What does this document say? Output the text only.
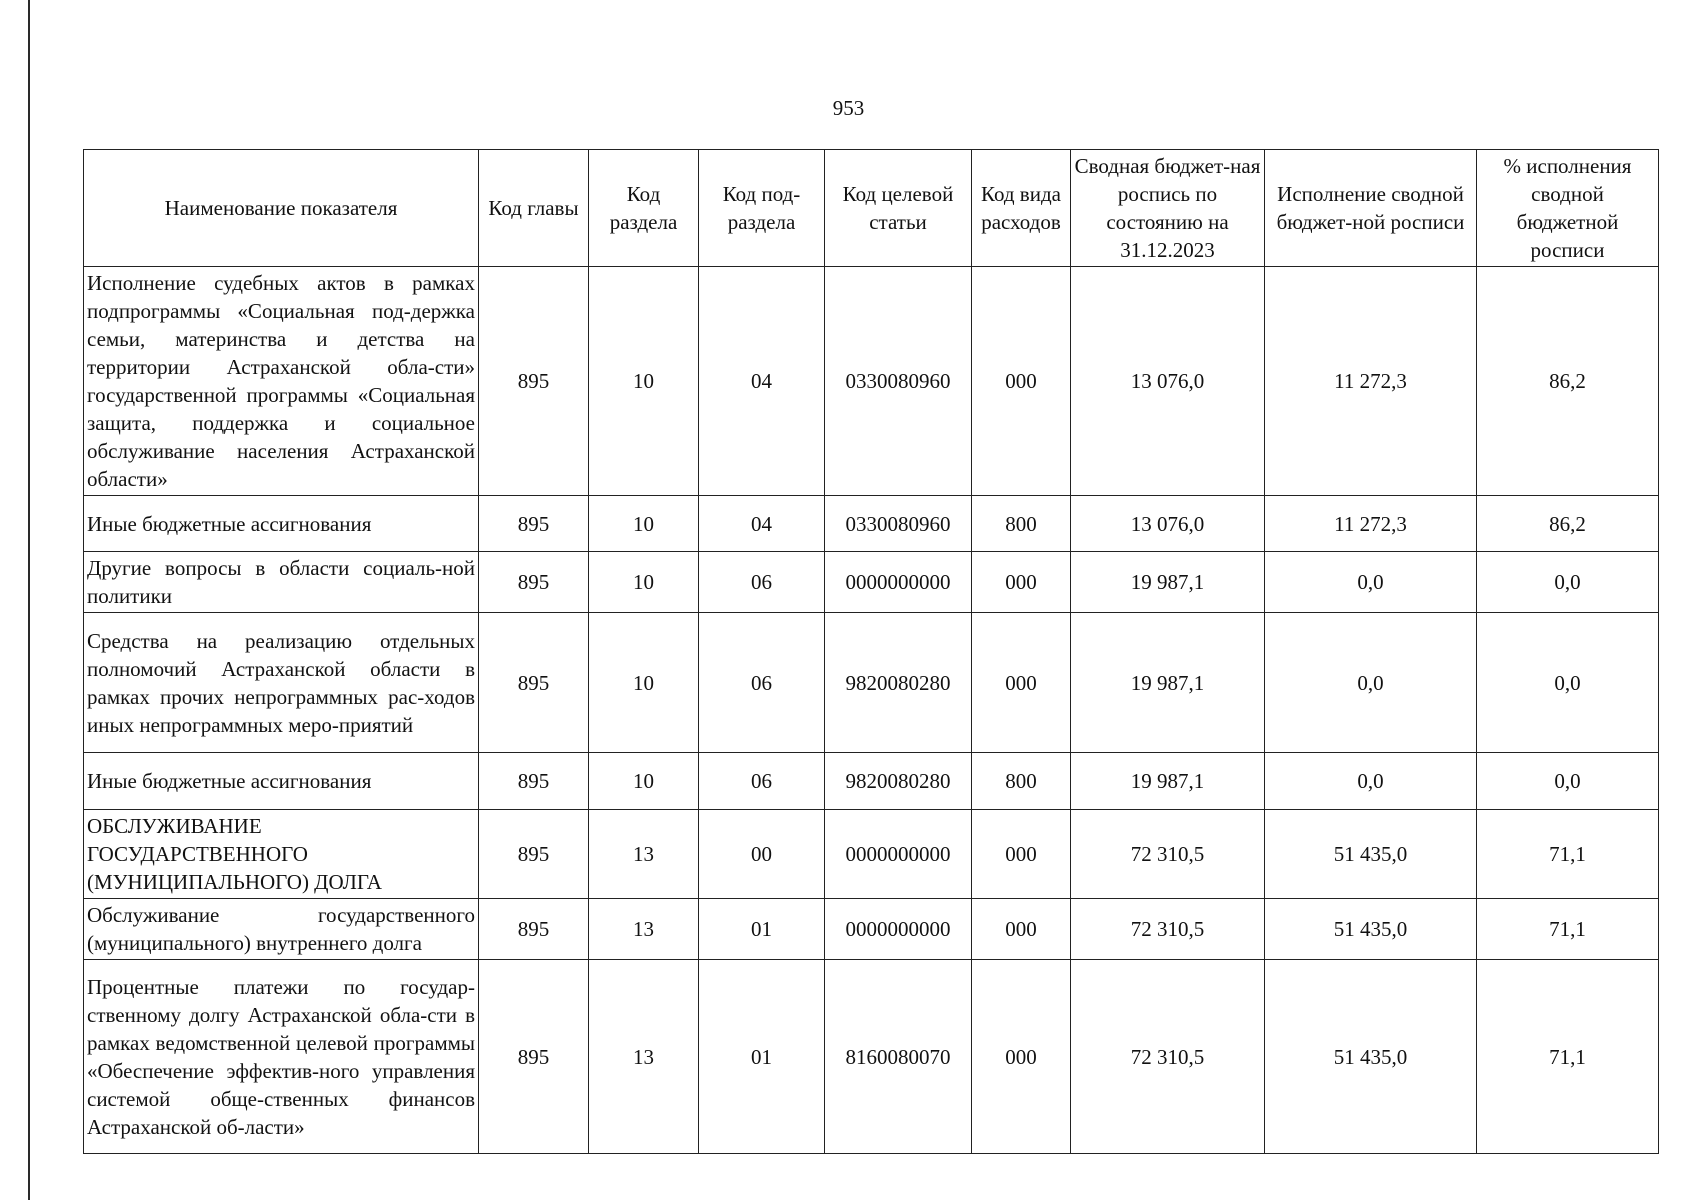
953
Наименование показателя	Код главы	Код раздела	Код под-раздела	Код целевой статьи	Код вида расходов	Сводная бюджет-ная роспись по состоянию на 31.12.2023	Исполнение сводной бюджет-ной росписи	% исполнения сводной бюджетной росписи
Исполнение судебных актов в рамках подпрограммы «Социальная под-держка семьи, материнства и детства на территории Астраханской обла-сти» государственной программы «Социальная защита, поддержка и социальное обслуживание населения Астраханской области»	895	10	04	0330080960	000	13 076,0	11 272,3	86,2
Иные бюджетные ассигнования	895	10	04	0330080960	800	13 076,0	11 272,3	86,2
Другие вопросы в области социаль-ной политики	895	10	06	0000000000	000	19 987,1	0,0	0,0
Средства на реализацию отдельных полномочий Астраханской области в рамках прочих непрограммных рас-ходов иных непрограммных меро-приятий	895	10	06	9820080280	000	19 987,1	0,0	0,0
Иные бюджетные ассигнования	895	10	06	9820080280	800	19 987,1	0,0	0,0
ОБСЛУЖИВАНИЕ ГОСУДАРСТВЕННОГО (МУНИЦИПАЛЬНОГО) ДОЛГА	895	13	00	0000000000	000	72 310,5	51 435,0	71,1
Обслуживание государственного (муниципального) внутреннего долга	895	13	01	0000000000	000	72 310,5	51 435,0	71,1
Процентные платежи по государ-ственному долгу Астраханской обла-сти в рамках ведомственной целевой программы «Обеспечение эффектив-ного управления системой обще-ственных финансов Астраханской об-ласти»	895	13	01	8160080070	000	72 310,5	51 435,0	71,1
